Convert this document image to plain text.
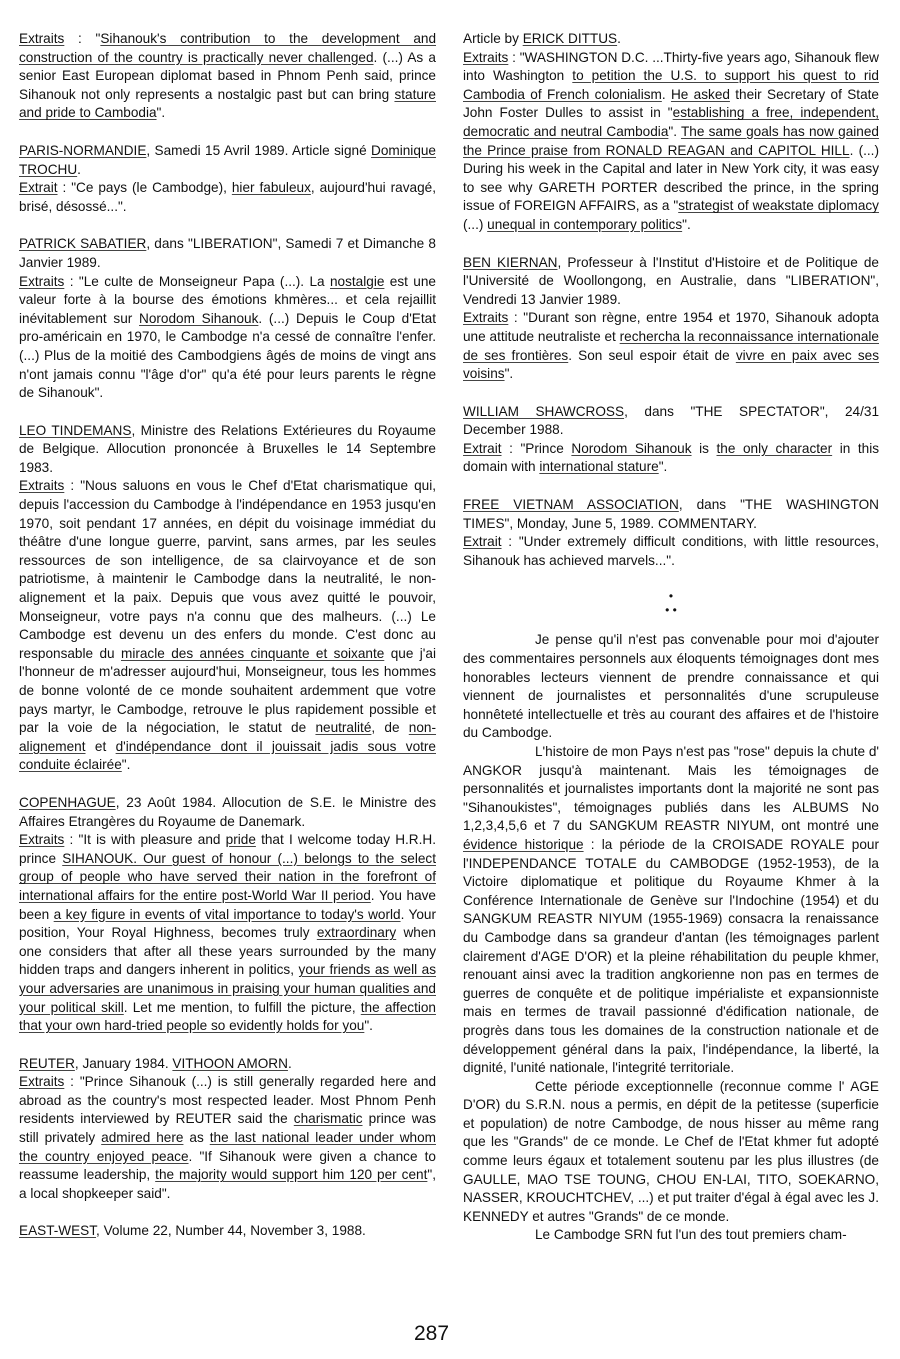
Extraits : "Sihanouk's contribution to the development and construction of the country is practically never challenged. (...) As a senior East European diplomat based in Phnom Penh said, prince Sihanouk not only represents a nostalgic past but can bring stature and pride to Cambodia".

PARIS-NORMANDIE, Samedi 15 Avril 1989. Article signé Dominique TROCHU.

Extrait : "Ce pays (le Cambodge), hier fabuleux, aujourd'hui ravagé, brisé, désossé...".

PATRICK SABATIER, dans "LIBERATION", Samedi 7 et Dimanche 8 Janvier 1989.

Extraits : "Le culte de Monseigneur Papa (...). La nostalgie est une valeur forte à la bourse des émotions khmères... et cela rejaillit inévitablement sur Norodom Sihanouk. (...) Depuis le Coup d'Etat pro-américain en 1970, le Cambodge n'a cessé de connaître l'enfer. (...) Plus de la moitié des Cambodgiens âgés de moins de vingt ans n'ont jamais connu "l'âge d'or" qu'a été pour leurs parents le règne de Sihanouk".

LEO TINDEMANS, Ministre des Relations Extérieures du Royaume de Belgique. Allocution prononcée à Bruxelles le 14 Septembre 1983.

Extraits : "Nous saluons en vous le Chef d'Etat charismatique qui, depuis l'accession du Cambodge à l'indépendance en 1953 jusqu'en 1970, soit pendant 17 années, en dépit du voisinage immédiat du théâtre d'une longue guerre, parvint, sans armes, par les seules ressources de son intelligence, de sa clairvoyance et de son patriotisme, à maintenir le Cambodge dans la neutralité, le non-alignement et la paix. Depuis que vous avez quitté le pouvoir, Monseigneur, votre pays n'a connu que des malheurs. (...) Le Cambodge est devenu un des enfers du monde. C'est donc au responsable du miracle des années cinquante et soixante que j'ai l'honneur de m'adresser aujourd'hui, Monseigneur, tous les hommes de bonne volonté de ce monde souhaitent ardemment que votre pays martyr, le Cambodge, retrouve le plus rapidement possible et par la voie de la négociation, le statut de neutralité, de non-alignement et d'indépendance dont il jouissait jadis sous votre conduite éclairée".

COPENHAGUE, 23 Août 1984. Allocution de S.E. le Ministre des Affaires Etrangères du Royaume de Danemark.

Extraits : "It is with pleasure and pride that I welcome today H.R.H. prince SIHANOUK. Our guest of honour (...) belongs to the select group of people who have served their nation in the forefront of international affairs for the entire post-World War II period. You have been a key figure in events of vital importance to today's world. Your position, Your Royal Highness, becomes truly extraordinary when one considers that after all these years surrounded by the many hidden traps and dangers inherent in politics, your friends as well as your adversaries are unanimous in praising your human qualities and your political skill. Let me mention, to fulfill the picture, the affection that your own hard-tried people so evidently holds for you".

REUTER, January 1984. VITHOON AMORN.

Extraits : "Prince Sihanouk (...) is still generally regarded here and abroad as the country's most respected leader. Most Phnom Penh residents interviewed by REUTER said the charismatic prince was still privately admired here as the last national leader under whom the country enjoyed peace. "If Sihanouk were given a chance to reassume leadership, the majority would support him 120 per cent", a local shopkeeper said".

EAST-WEST, Volume 22, Number 44, November 3, 1988.

Article by ERICK DITTUS.

Extraits : "WASHINGTON D.C. ...Thirty-five years ago, Sihanouk flew into Washington to petition the U.S. to support his quest to rid Cambodia of French colonialism. He asked their Secretary of State John Foster Dulles to assist in "establishing a free, independent, democratic and neutral Cambodia". The same goals has now gained the Prince praise from RONALD REAGAN and CAPITOL HILL. (...) During his week in the Capital and later in New York city, it was easy to see why GARETH PORTER described the prince, in the spring issue of FOREIGN AFFAIRS, as a "strategist of weakstate diplomacy (...) unequal in contemporary politics".

BEN KIERNAN, Professeur à l'Institut d'Histoire et de Politique de l'Université de Woollongong, en Australie, dans "LIBERATION", Vendredi 13 Janvier 1989.

Extraits : "Durant son règne, entre 1954 et 1970, Sihanouk adopta une attitude neutraliste et rechercha la reconnaissance internationale de ses frontières. Son seul espoir était de vivre en paix avec ses voisins".

WILLIAM SHAWCROSS, dans "THE SPECTATOR", 24/31 December 1988.

Extrait : "Prince Norodom Sihanouk is the only character in this domain with international stature".

FREE VIETNAM ASSOCIATION, dans "THE WASHINGTON TIMES", Monday, June 5, 1989. COMMENTARY.

Extrait : "Under extremely difficult conditions, with little resources, Sihanouk has achieved marvels...".

•
• •

Je pense qu'il n'est pas convenable pour moi d'ajouter des commentaires personnels aux éloquents témoignages dont mes honorables lecteurs viennent de prendre connaissance et qui viennent de journalistes et personnalités d'une scrupuleuse honnêteté intellectuelle et très au courant des affaires et de l'histoire du Cambodge.

L'histoire de mon Pays n'est pas "rose" depuis la chute d' ANGKOR jusqu'à maintenant. Mais les témoignages de personnalités et journalistes importants dont la majorité ne sont pas "Sihanoukistes", témoignages publiés dans les ALBUMS No 1,2,3,4,5,6 et 7 du SANGKUM REASTR NIYUM, ont montré une évidence historique : la période de la CROISADE ROYALE pour l'INDEPENDANCE TOTALE du CAMBODGE (1952-1953), de la Victoire diplomatique et politique du Royaume Khmer à la Conférence Internationale de Genève sur l'Indochine (1954) et du SANGKUM REASTR NIYUM (1955-1969) consacra la renaissance du Cambodge dans sa grandeur d'antan (les témoignages parlent clairement d'AGE D'OR) et la pleine réhabilitation du peuple khmer, renouant ainsi avec la tradition angkorienne non pas en termes de guerres de conquête et de politique impérialiste et expansionniste mais en termes de travail passionné d'édification nationale, de progrès dans tous les domaines de la construction nationale et de développement général dans la paix, l'indépendance, la liberté, la dignité, l'unité nationale, l'integrité territoriale.

Cette période exceptionnelle (reconnue comme l' AGE D'OR) du S.R.N. nous a permis, en dépit de la petitesse (superficie et population) de notre Cambodge, de nous hisser au même rang que les "Grands" de ce monde. Le Chef de l'Etat khmer fut adopté comme leurs égaux et totalement soutenu par les plus illustres (de GAULLE, MAO TSE TOUNG, CHOU EN-LAI, TITO, SOEKARNO, NASSER, KROUCHTCHEV, ...) et put traiter d'égal à égal avec les J. KENNEDY et autres "Grands" de ce monde.

Le Cambodge SRN fut l'un des tout premiers cham-

287
